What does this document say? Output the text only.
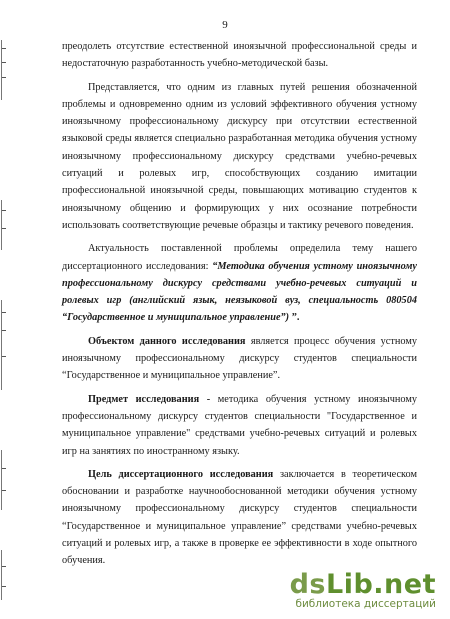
9

преодолеть отсутствие естественной иноязычной профессиональной среды и недостаточную разработанность учебно-методической базы.

Представляется, что одним из главных путей решения обозначенной проблемы и одновременно одним из условий эффективного обучения устному иноязычному профессиональному дискурсу при отсутствии естественной языковой среды является специально разработанная методика обучения устному иноязычному профессиональному дискурсу средствами учебно-речевых ситуаций и ролевых игр, способствующих созданию имитации профессиональной иноязычной среды, повышающих мотивацию студентов к иноязычному общению и формирующих у них осознание потребности использовать соответствующие речевые образцы и тактику речевого поведения.

Актуальность поставленной проблемы определила тему нашего диссертационного исследования: “Методика обучения устному иноязычному профессиональному дискурсу средствами учебно-речевых ситуаций и ролевых игр (английский язык, неязыковой вуз, специальность 080504 “Государственное и муниципальное управление”) ”.

Объектом данного исследования является процесс обучения устному иноязычному профессиональному дискурсу студентов специальности “Государственное и муниципальное управление”.

Предмет исследования - методика обучения устному иноязычному профессиональному дискурсу студентов специальности "Государственное и муниципальное управление" средствами учебно-речевых ситуаций и ролевых игр на занятиях по иностранному языку.

Цель диссертационного исследования заключается в теоретическом обосновании и разработке научнообоснованной методики обучения устному иноязычному профессиональному дискурсу студентов специальности “Государственное и муниципальное управление” средствами учебно-речевых ситуаций и ролевых игр, а также в проверке ее эффективности в ходе опытного обучения.

dsLib.net
библиотека диссертаций
